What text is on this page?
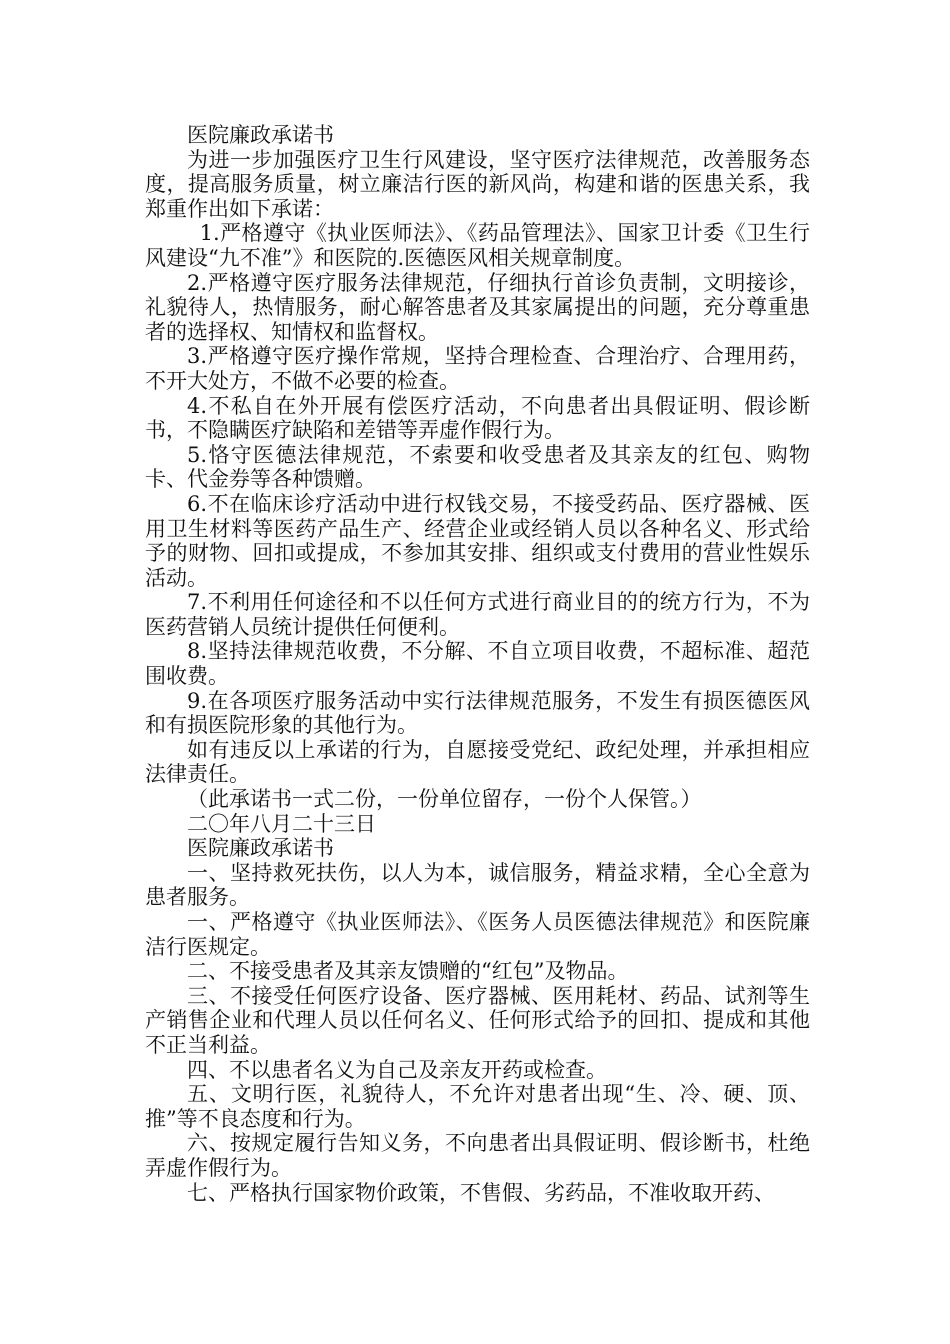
医院廉政承诺书

为进一步加强医疗卫生行风建设，坚守医疗法律规范，改善服务态度，提高服务质量，树立廉洁行医的新风尚，构建和谐的医患关系，我郑重作出如下承诺：

1.严格遵守《执业医师法》、《药品管理法》、国家卫计委《卫生行风建设“九不准”》和医院的.医德医风相关规章制度。

2.严格遵守医疗服务法律规范，仔细执行首诊负责制，文明接诊，礼貌待人，热情服务，耐心解答患者及其家属提出的问题，充分尊重患者的选择权、知情权和监督权。

3.严格遵守医疗操作常规，坚持合理检查、合理治疗、合理用药，不开大处方，不做不必要的检查。

4.不私自在外开展有偿医疗活动，不向患者出具假证明、假诊断书，不隐瞒医疗缺陷和差错等弄虚作假行为。

5.恪守医德法律规范，不索要和收受患者及其亲友的红包、购物卡、代金券等各种馈赠。

6.不在临床诊疗活动中进行权钱交易，不接受药品、医疗器械、医用卫生材料等医药产品生产、经营企业或经销人员以各种名义、形式给予的财物、回扣或提成，不参加其安排、组织或支付费用的营业性娱乐活动。

7.不利用任何途径和不以任何方式进行商业目的的统方行为，不为医药营销人员统计提供任何便利。

8.坚持法律规范收费，不分解、不自立项目收费，不超标准、超范围收费。

9.在各项医疗服务活动中实行法律规范服务，不发生有损医德医风和有损医院形象的其他行为。

如有违反以上承诺的行为，自愿接受党纪、政纪处理，并承担相应法律责任。

（此承诺书一式二份，一份单位留存，一份个人保管。）

二〇年八月二十三日

医院廉政承诺书

一、坚持救死扶伤，以人为本，诚信服务，精益求精，全心全意为患者服务。

一、严格遵守《执业医师法》、《医务人员医德法律规范》和医院廉洁行医规定。

二、不接受患者及其亲友馈赠的“红包”及物品。

三、不接受任何医疗设备、医疗器械、医用耗材、药品、试剂等生产销售企业和代理人员以任何名义、任何形式给予的回扣、提成和其他不正当利益。

四、不以患者名义为自己及亲友开药或检查。

五、文明行医，礼貌待人，不允许对患者出现“生、冷、硬、顶、推”等不良态度和行为。

六、按规定履行告知义务，不向患者出具假证明、假诊断书，杜绝弄虚作假行为。

七、严格执行国家物价政策，不售假、劣药品，不准收取开药、
